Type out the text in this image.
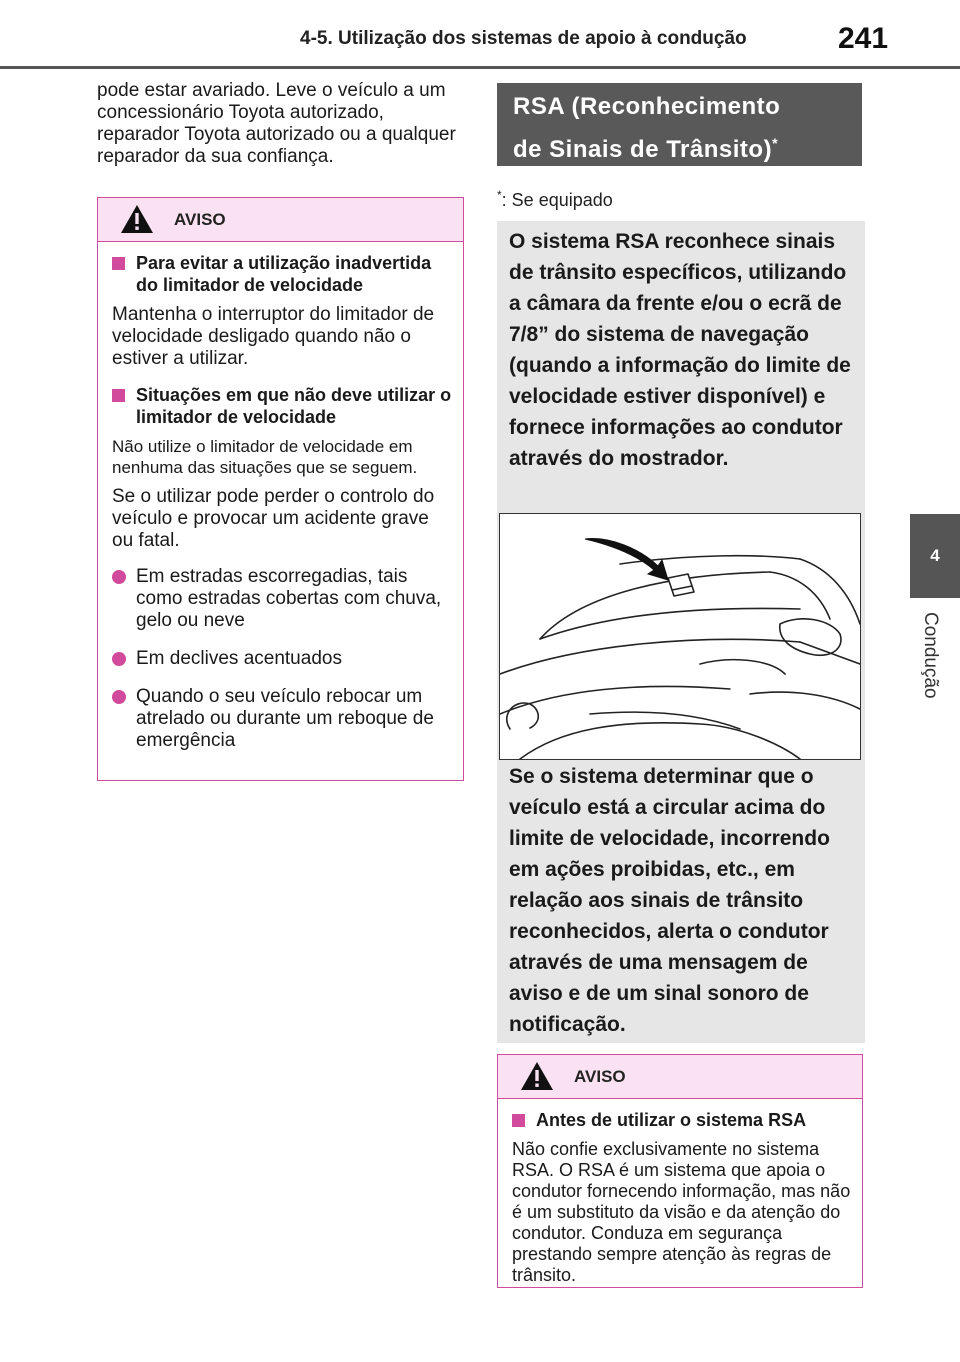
4-5. Utilização dos sistemas de apoio à condução	241
4
Condução

pode estar avariado. Leve o veículo a um concessionário Toyota autorizado, reparador Toyota autorizado ou a qualquer reparador da sua confiança.

AVISO
Para evitar a utilização inadvertida do limitador de velocidade

Mantenha o interruptor do limitador de velocidade desligado quando não o estiver a utilizar.

Situações em que não deve utilizar o limitador de velocidade

Não utilize o limitador de velocidade em nenhuma das situações que se seguem.

Se o utilizar pode perder o controlo do veículo e provocar um acidente grave ou fatal.

Em estradas escorregadias, tais como estradas cobertas com chuva, gelo ou neve
Em declives acentuados
Quando o seu veículo rebocar um atrelado ou durante um reboque de emergência
RSA (Reconhecimento
de Sinais de Trânsito)*
*: Se equipado

O sistema RSA reconhece sinais de trânsito específicos, utilizando a câmara da frente e/ou o ecrã de 7/8” do sistema de navegação (quando a informação do limite de velocidade estiver disponível) e fornece informações ao condutor através do mostrador.

Se o sistema determinar que o veículo está a circular acima do limite de velocidade, incorrendo em ações proibidas, etc., em relação aos sinais de trânsito reconhecidos, alerta o condutor através de uma mensagem de aviso e de um sinal sonoro de notificação.

AVISO
Antes de utilizar o sistema RSA

Não confie exclusivamente no sistema RSA. O RSA é um sistema que apoia o condutor fornecendo informação, mas não é um substituto da visão e da atenção do condutor. Conduza em segurança prestando sempre atenção às regras de trânsito.
